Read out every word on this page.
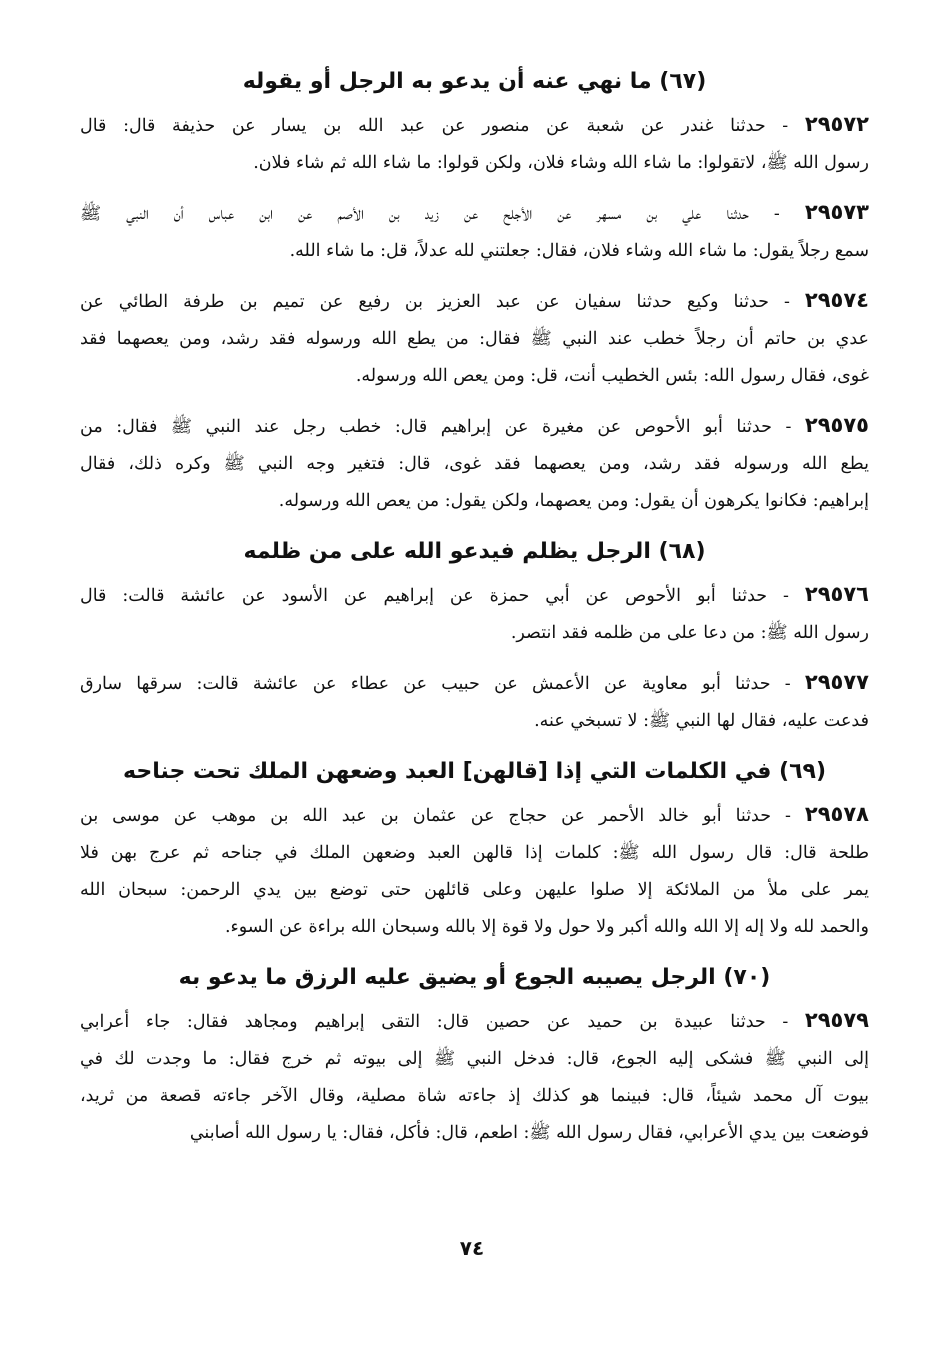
(٦٧) ما نهي عنه أن يدعو به الرجل أو يقوله
٢٩٥٧٢ - حدثنا غندر عن شعبة عن منصور عن عبد الله بن يسار عن حذيفة قال: قال
رسول الله ﷺ، لاتقولوا: ما شاء الله وشاء فلان، ولكن قولوا: ما شاء الله ثم شاء فلان.
٢٩٥٧٣ - حدثنا علي بن مسهر عن الأجلح عن زيد بن الأصم عن ابن عباس أن النبي ﷺ
سمع رجلاً يقول: ما شاء الله وشاء فلان، فقال: جعلتني لله عدلاً، قل: ما شاء الله.
٢٩٥٧٤ - حدثنا وكيع حدثنا سفيان عن عبد العزيز بن رفيع عن تميم بن طرفة الطائي عن
عدي بن حاتم أن رجلاً خطب عند النبي ﷺ فقال: من يطع الله ورسوله فقد رشد، ومن يعصهما فقد
غوى، فقال رسول الله: بئس الخطيب أنت، قل: ومن يعص الله ورسوله.
٢٩٥٧٥ - حدثنا أبو الأحوص عن مغيرة عن إبراهيم قال: خطب رجل عند النبي ﷺ فقال: من
يطع الله ورسوله فقد رشد، ومن يعصهما فقد غوى، قال: فتغير وجه النبي ﷺ وكره ذلك، فقال
إبراهيم: فكانوا يكرهون أن يقول: ومن يعصهما، ولكن يقول: من يعص الله ورسوله.
(٦٨) الرجل يظلم فيدعو الله على من ظلمه
٢٩٥٧٦ - حدثنا أبو الأحوص عن أبي حمزة عن إبراهيم عن الأسود عن عائشة قالت: قال
رسول الله ﷺ: من دعا على من ظلمه فقد انتصر.
٢٩٥٧٧ - حدثنا أبو معاوية عن الأعمش عن حبيب عن عطاء عن عائشة قالت: سرقها سارق
فدعت عليه، فقال لها النبي ﷺ: لا تسبخي عنه.
(٦٩) في الكلمات التي إذا [قالهن] العبد وضعهن الملك تحت جناحه
٢٩٥٧٨ - حدثنا أبو خالد الأحمر عن حجاج عن عثمان بن عبد الله بن موهب عن موسى بن
طلحة قال: قال رسول الله ﷺ: كلمات إذا قالهن العبد وضعهن الملك في جناحه ثم عرج بهن فلا
يمر على ملأ من الملائكة إلا صلوا عليهن وعلى قائلهن حتى توضع بين يدي الرحمن: سبحان الله
والحمد لله ولا إله إلا الله والله أكبر ولا حول ولا قوة إلا بالله وسبحان الله براءة عن السوء.
(٧٠) الرجل يصيبه الجوع أو يضيق عليه الرزق ما يدعو به
٢٩٥٧٩ - حدثنا عبيدة بن حميد عن حصين قال: التقى إبراهيم ومجاهد فقال: جاء أعرابي
إلى النبي ﷺ فشكى إليه الجوع، قال: فدخل النبي ﷺ إلى بيوته ثم خرج فقال: ما وجدت لك في
بيوت آل محمد شيئاً، قال: فبينما هو كذلك إذ جاءته شاة مصلية، وقال الآخر جاءته قصعة من ثريد،
فوضعت بين يدي الأعرابي، فقال رسول الله ﷺ: اطعم، قال: فأكل، فقال: يا رسول الله أصابني
٧٤
